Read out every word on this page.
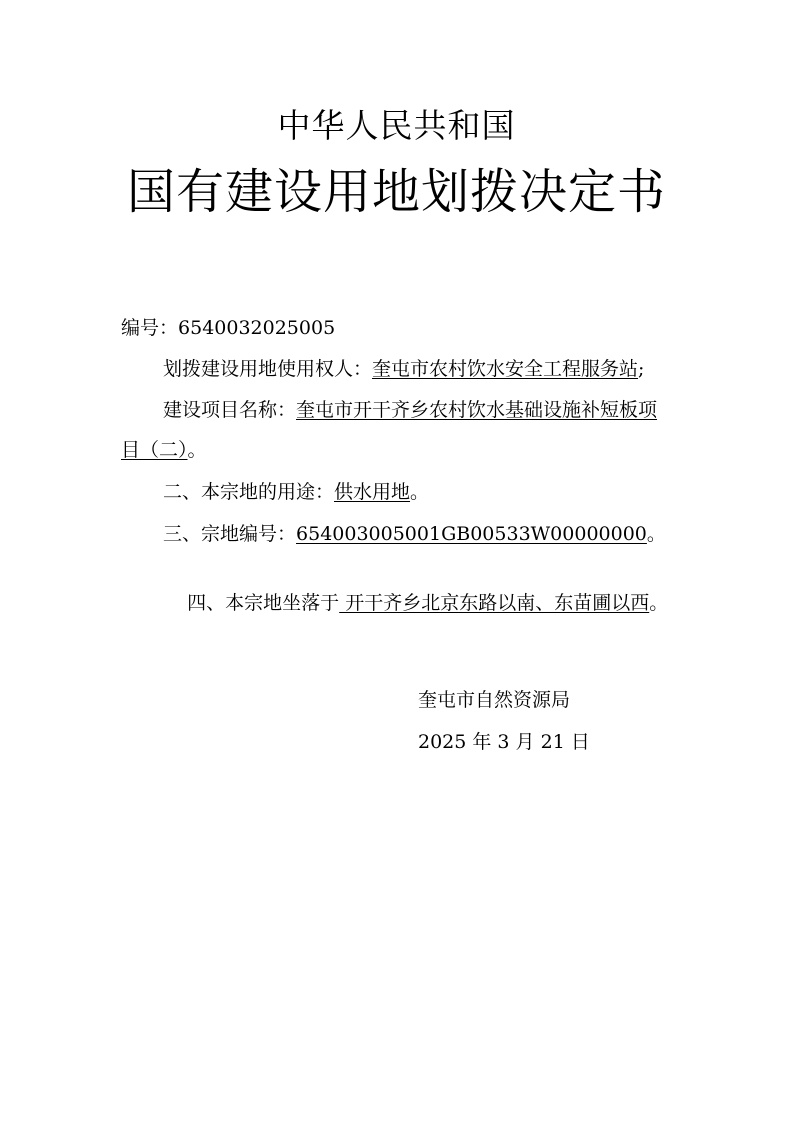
中华人民共和国
国有建设用地划拨决定书
编号：6540032025005
划拨建设用地使用权人：奎屯市农村饮水安全工程服务站;
建设项目名称：奎屯市开干齐乡农村饮水基础设施补短板项
目（二）。
二、本宗地的用途：供水用地。
三、宗地编号：654003005001GB00533W00000000。

四、本宗地坐落于 开干齐乡北京东路以南、东苗圃以西。

奎屯市自然资源局
2025 年 3 月 21 日
